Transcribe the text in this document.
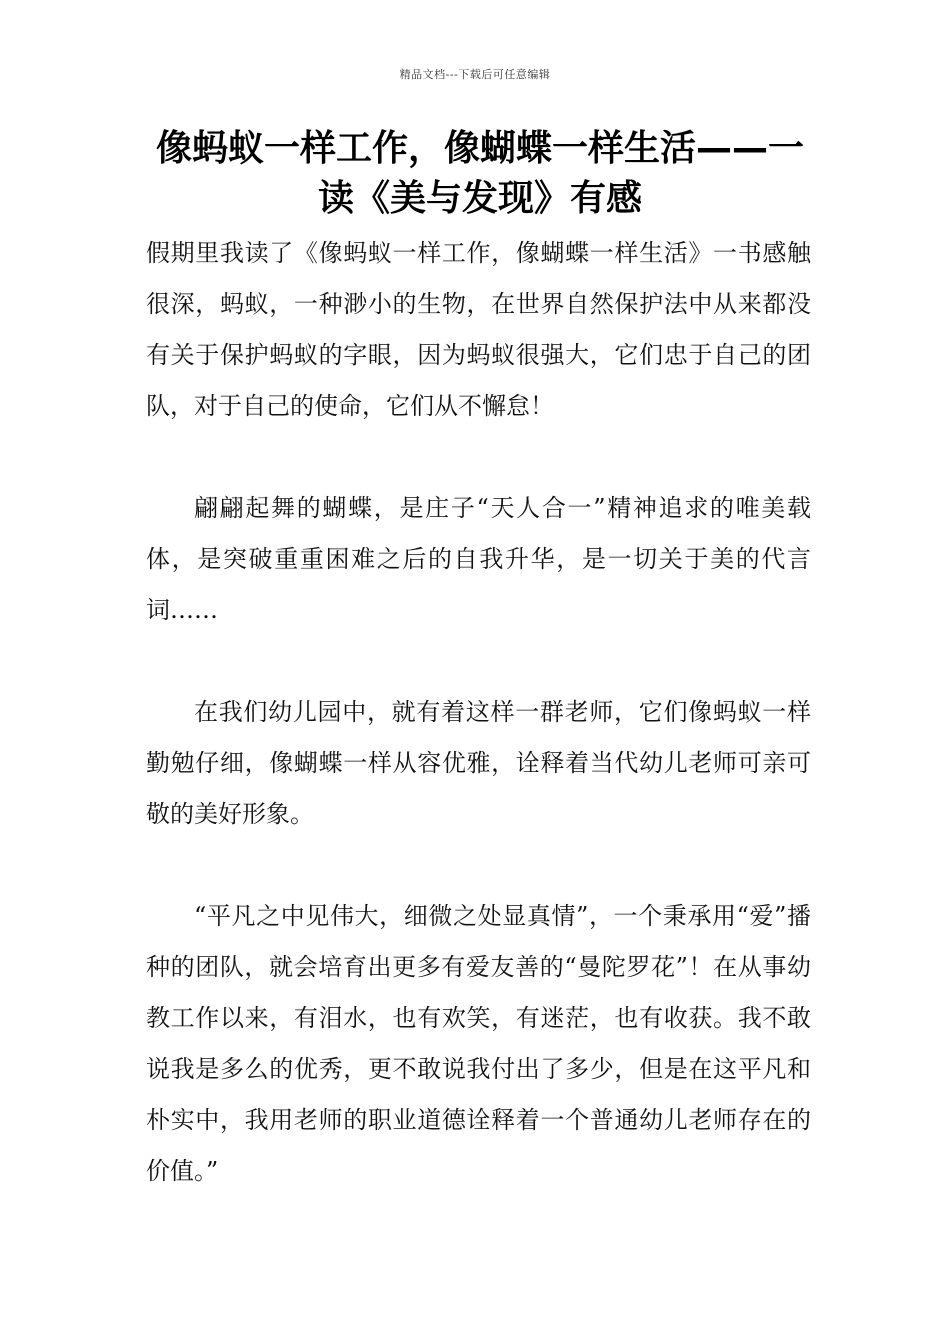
精品文档---下载后可任意编辑
像蚂蚁一样工作，像蝴蝶一样生活——一读《美与发现》有感

假期里我读了《像蚂蚁一样工作，像蝴蝶一样生活》一书感触很深，蚂蚁，一种渺小的生物，在世界自然保护法中从来都没有关于保护蚂蚁的字眼，因为蚂蚁很强大，它们忠于自己的团队，对于自己的使命，它们从不懈怠！

翩翩起舞的蝴蝶，是庄子“天人合一”精神追求的唯美载体，是突破重重困难之后的自我升华，是一切关于美的代言词……

在我们幼儿园中，就有着这样一群老师，它们像蚂蚁一样勤勉仔细，像蝴蝶一样从容优雅，诠释着当代幼儿老师可亲可敬的美好形象。

“平凡之中见伟大，细微之处显真情”，一个秉承用“爱”播种的团队，就会培育出更多有爱友善的“曼陀罗花”！在从事幼教工作以来，有泪水，也有欢笑，有迷茫，也有收获。我不敢说我是多么的优秀，更不敢说我付出了多少，但是在这平凡和朴实中，我用老师的职业道德诠释着一个普通幼儿老师存在的价值。”
